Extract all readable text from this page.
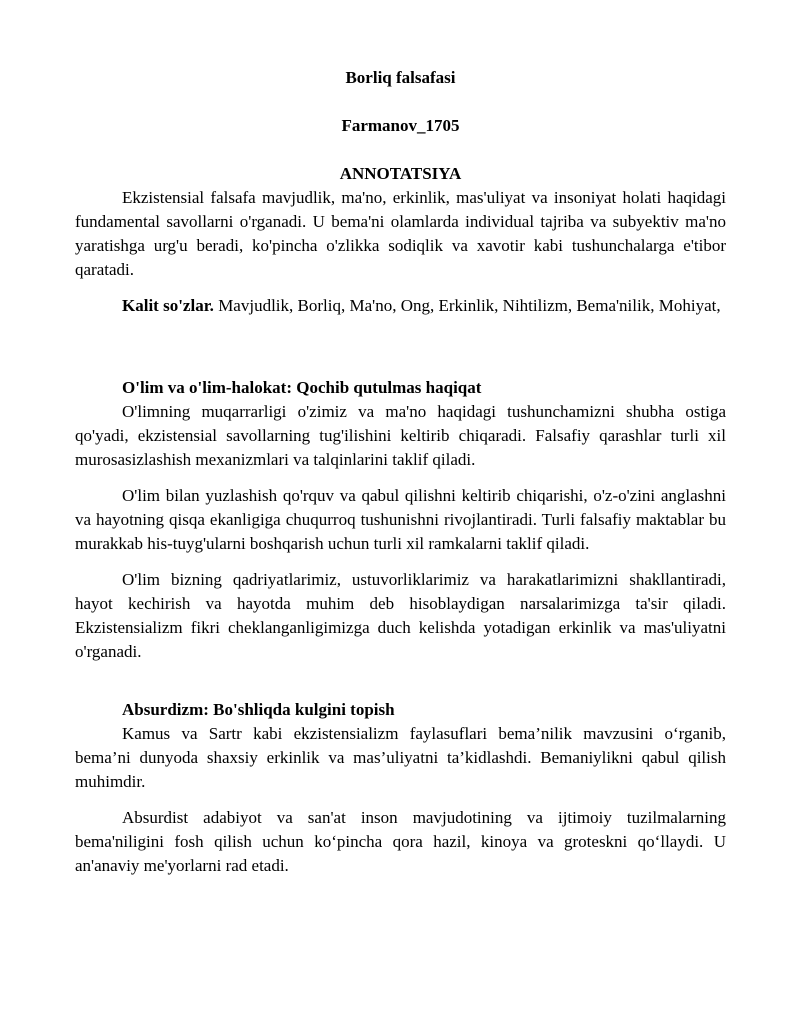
Borliq falsafasi
Farmanov_1705
ANNOTATSIYA

Ekzistensial falsafa mavjudlik, ma'no, erkinlik, mas'uliyat va insoniyat holati haqidagi fundamental savollarni o'rganadi. U bema'ni olamlarda individual tajriba va subyektiv ma'no yaratishga urg'u beradi, ko'pincha o'zlikka sodiqlik va xavotir kabi tushunchalarga e'tibor qaratadi.

Kalit so'zlar. Mavjudlik, Borliq, Ma'no, Ong, Erkinlik, Nihtilizm, Bema'nilik, Mohiyat,

O'lim va o'lim-halokat: Qochib qutulmas haqiqat

O'limning muqarrarligi o'zimiz va ma'no haqidagi tushunchamizni shubha ostiga qo'yadi, ekzistensial savollarning tug'ilishini keltirib chiqaradi. Falsafiy qarashlar turli xil murosasizlashish mexanizmlari va talqinlarini taklif qiladi.

O'lim bilan yuzlashish qo'rquv va qabul qilishni keltirib chiqarishi, o'z-o'zini anglashni va hayotning qisqa ekanligiga chuqurroq tushunishni rivojlantiradi. Turli falsafiy maktablar bu murakkab his-tuyg'ularni boshqarish uchun turli xil ramkalarni taklif qiladi.

O'lim bizning qadriyatlarimiz, ustuvorliklarimiz va harakatlarimizni shakllantiradi, hayot kechirish va hayotda muhim deb hisoblaydigan narsalarimizga ta'sir qiladi. Ekzistensializm fikri cheklanganligimizga duch kelishda yotadigan erkinlik va mas'uliyatni o'rganadi.

Absurdizm: Bo'shliqda kulgini topish

Kamus va Sartr kabi ekzistensializm faylasuflari bema’nilik mavzusini o‘rganib, bema’ni dunyoda shaxsiy erkinlik va mas’uliyatni ta’kidlashdi. Bemaniylikni qabul qilish muhimdir.

Absurdist adabiyot va san'at inson mavjudotining va ijtimoiy tuzilmalarning bema'niligini fosh qilish uchun ko‘pincha qora hazil, kinoya va groteskni qo‘llaydi. U an'anaviy me'yorlarni rad etadi.
